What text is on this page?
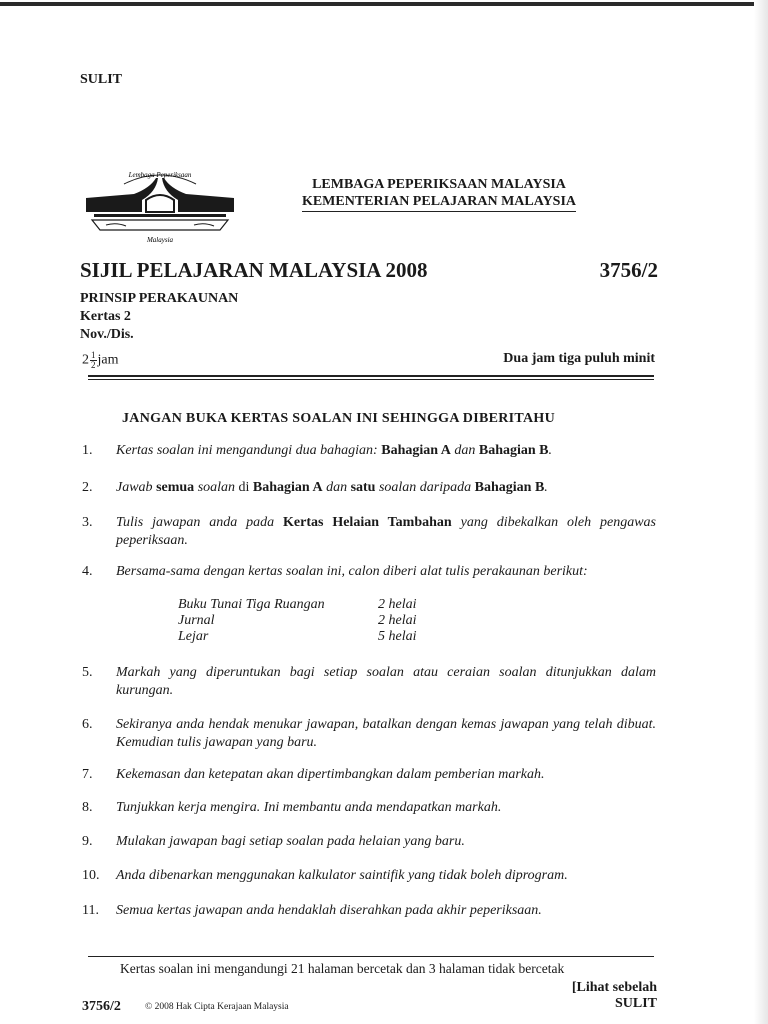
SULIT
Lembaga Peperiksaan
Malaysia
LEMBAGA PEPERIKSAAN MALAYSIA
KEMENTERIAN PELAJARAN MALAYSIA
SIJIL PELAJARAN MALAYSIA 2008	3756/2
PRINSIP PERAKAUNAN
Kertas 2
Nov./Dis.
$2 \frac{1}{2}$ jam	Dua jam tiga puluh minit
JANGAN BUKA KERTAS SOALAN INI SEHINGGA DIBERITAHU
1.	Kertas soalan ini mengandungi dua bahagian: Bahagian A dan Bahagian B.
2.	Jawab semua soalan di Bahagian A dan satu soalan daripada Bahagian B.
3.	Tulis jawapan anda pada Kertas Helaian Tambahan yang dibekalkan oleh pengawas peperiksaan.
4.	Bersama-sama dengan kertas soalan ini, calon diberi alat tulis perakaunan berikut:
Buku Tunai Tiga Ruangan	2 helai
Jurnal	2 helai
Lejar	5 helai
5.	Markah yang diperuntukan bagi setiap soalan atau ceraian soalan ditunjukkan dalam kurungan.
6.	Sekiranya anda hendak menukar jawapan, batalkan dengan kemas jawapan yang telah dibuat. Kemudian tulis jawapan yang baru.
7.	Kekemasan dan ketepatan akan dipertimbangkan dalam pemberian markah.
8.	Tunjukkan kerja mengira. Ini membantu anda mendapatkan markah.
9.	Mulakan jawapan bagi setiap soalan pada helaian yang baru.
10.	Anda dibenarkan menggunakan kalkulator saintifik yang tidak boleh diprogram.
11.	Semua kertas jawapan anda hendaklah diserahkan pada akhir peperiksaan.
Kertas soalan ini mengandungi 21 halaman bercetak dan 3 halaman tidak bercetak
[Lihat sebelah
3756/2	© 2008 Hak Cipta Kerajaan Malaysia	SULIT
